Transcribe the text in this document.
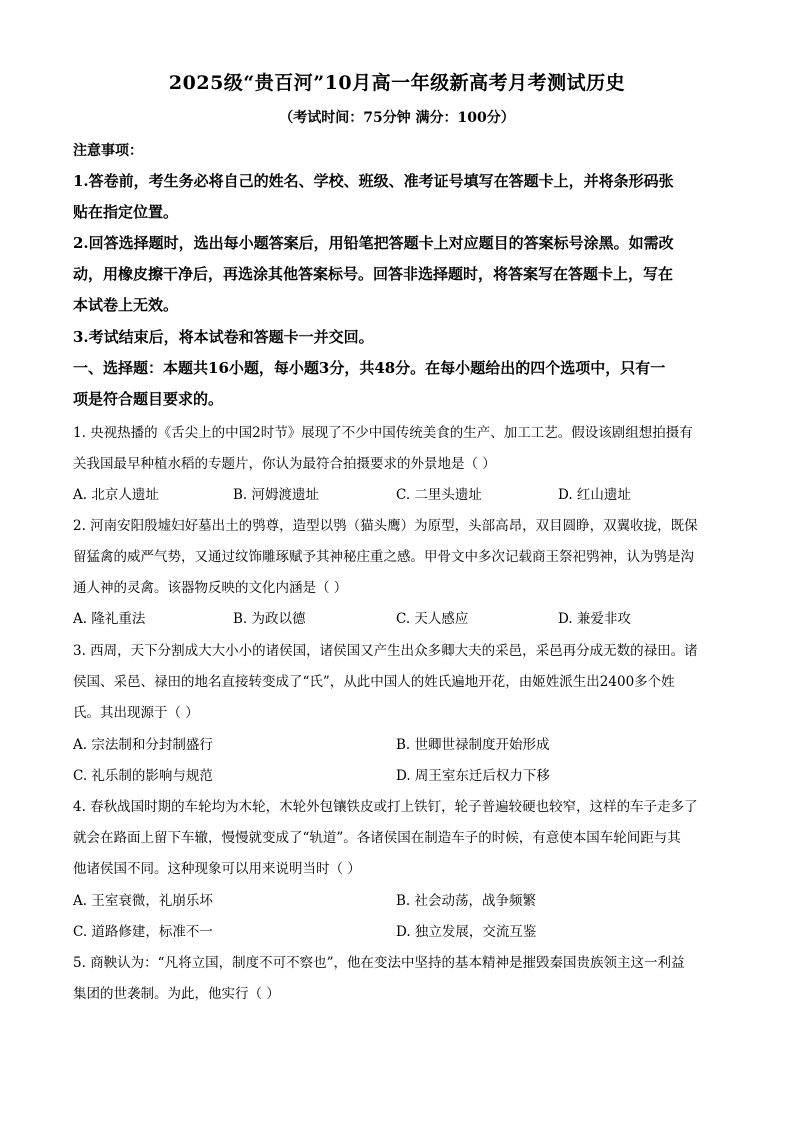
2025级“贵百河”10月高一年级新高考月考测试历史
（考试时间：75分钟 满分：100分）
注意事项：
1.答卷前，考生务必将自己的姓名、学校、班级、准考证号填写在答题卡上，并将条形码张
贴在指定位置。
2.回答选择题时，选出每小题答案后，用铅笔把答题卡上对应题目的答案标号涂黑。如需改
动，用橡皮擦干净后，再选涂其他答案标号。回答非选择题时，将答案写在答题卡上，写在
本试卷上无效。
3.考试结束后，将本试卷和答题卡一并交回。
一、选择题：本题共16小题，每小题3分，共48分。在每小题给出的四个选项中，只有一
项是符合题目要求的。
1. 央视热播的《舌尖上的中国2时节》展现了不少中国传统美食的生产、加工工艺。假设该剧组想拍摄有
关我国最早种植水稻的专题片，你认为最符合拍摄要求的外景地是（ ）
A. 北京人遗址	B. 河姆渡遗址	C. 二里头遗址	D. 红山遗址
2. 河南安阳殷墟妇好墓出土的鸮尊，造型以鸮（猫头鹰）为原型，头部高昂，双目圆睁，双翼收拢，既保
留猛禽的威严气势，又通过纹饰雕琢赋予其神秘庄重之感。甲骨文中多次记载商王祭祀鸮神，认为鸮是沟
通人神的灵禽。该器物反映的文化内涵是（ ）
A. 隆礼重法	B. 为政以德	C. 天人感应	D. 兼爱非攻
3. 西周，天下分割成大大小小的诸侯国，诸侯国又产生出众多卿大夫的采邑，采邑再分成无数的禄田。诸
侯国、采邑、禄田的地名直接转变成了“氏”，从此中国人的姓氏遍地开花，由姬姓派生出2400多个姓
氏。其出现源于（ ）
A. 宗法制和分封制盛行	B. 世卿世禄制度开始形成
C. 礼乐制的影响与规范	D. 周王室东迁后权力下移
4. 春秋战国时期的车轮均为木轮，木轮外包镶铁皮或打上铁钉，轮子普遍较硬也较窄，这样的车子走多了
就会在路面上留下车辙，慢慢就变成了“轨道”。各诸侯国在制造车子的时候，有意使本国车轮间距与其
他诸侯国不同。这种现象可以用来说明当时（ ）
A. 王室衰微，礼崩乐坏	B. 社会动荡，战争频繁
C. 道路修建，标准不一	D. 独立发展，交流互鉴
5. 商鞅认为：“凡将立国，制度不可不察也”，他在变法中坚持的基本精神是摧毁秦国贵族领主这一利益
集团的世袭制。为此，他实行（ ）
